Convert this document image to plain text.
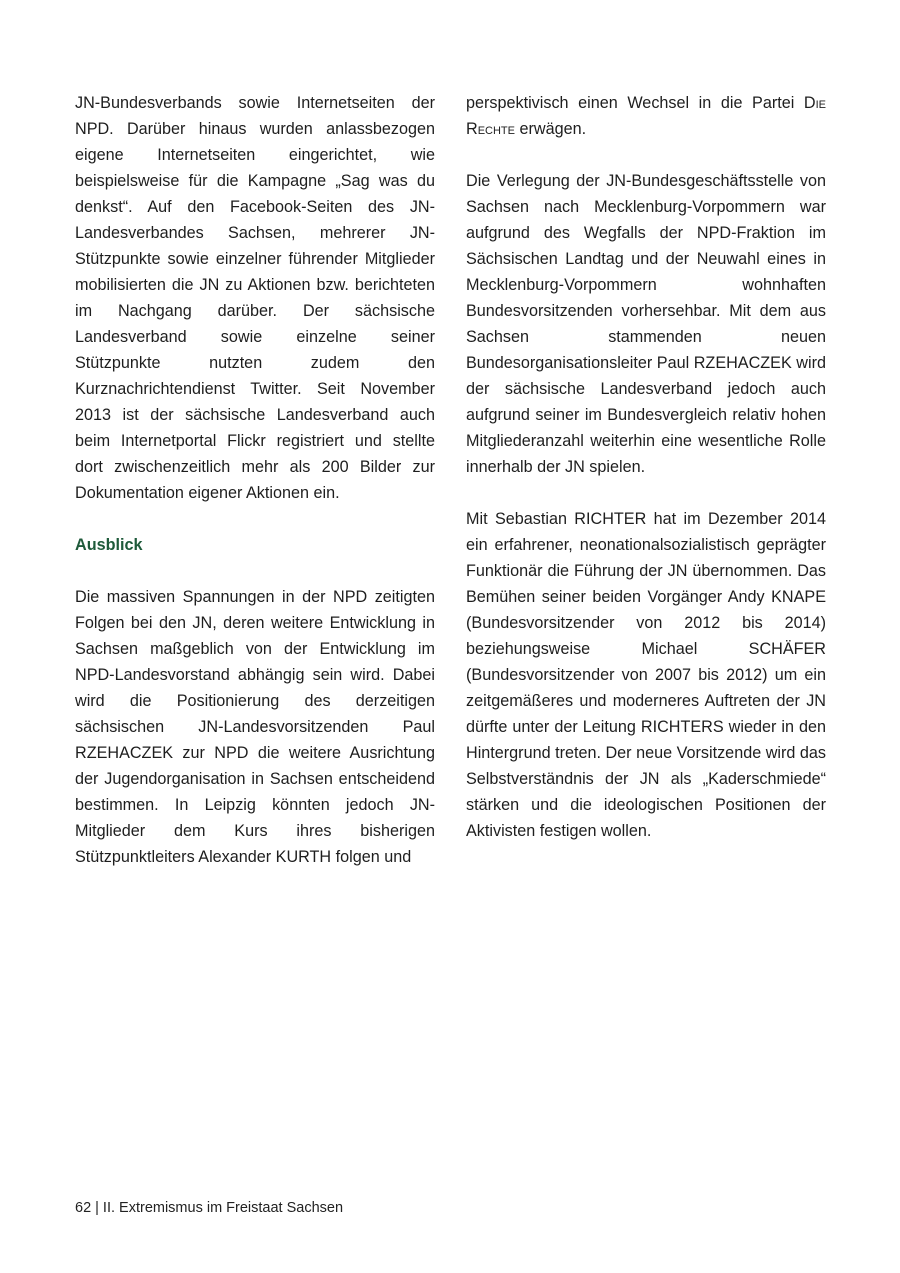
JN-Bundesverbands sowie Internetseiten der NPD. Darüber hinaus wurden anlassbezogen eigene Internetseiten eingerichtet, wie beispielsweise für die Kampagne „Sag was du denkst“. Auf den Facebook-Seiten des JN-Landesverbandes Sachsen, mehrerer JN-Stützpunkte sowie einzelner führender Mitglieder mobilisierten die JN zu Aktionen bzw. berichteten im Nachgang darüber. Der sächsische Landesverband sowie einzelne seiner Stützpunkte nutzten zudem den Kurznachrichtendienst Twitter. Seit November 2013 ist der sächsische Landesverband auch beim Internetportal Flickr registriert und stellte dort zwischenzeitlich mehr als 200 Bilder zur Dokumentation eigener Aktionen ein.

Ausblick

Die massiven Spannungen in der NPD zeitigten Folgen bei den JN, deren weitere Entwicklung in Sachsen maßgeblich von der Entwicklung im NPD-Landesvorstand abhängig sein wird. Dabei wird die Positionierung des derzeitigen sächsischen JN-Landesvorsitzenden Paul RZEHACZEK zur NPD die weitere Ausrichtung der Jugendorganisation in Sachsen entscheidend bestimmen. In Leipzig könnten jedoch JN-Mitglieder dem Kurs ihres bisherigen Stützpunktleiters Alexander KURTH folgen und

perspektivisch einen Wechsel in die Partei Die Rechte erwägen.

Die Verlegung der JN-Bundesgeschäftsstelle von Sachsen nach Mecklenburg-Vorpommern war aufgrund des Wegfalls der NPD-Fraktion im Sächsischen Landtag und der Neuwahl eines in Mecklenburg-Vorpommern wohnhaften Bundesvorsitzenden vorhersehbar. Mit dem aus Sachsen stammenden neuen Bundesorganisationsleiter Paul RZEHACZEK wird der sächsische Landesverband jedoch auch aufgrund seiner im Bundesvergleich relativ hohen Mitgliederanzahl weiterhin eine wesentliche Rolle innerhalb der JN spielen.

Mit Sebastian RICHTER hat im Dezember 2014 ein erfahrener, neonationalsozialistisch geprägter Funktionär die Führung der JN übernommen. Das Bemühen seiner beiden Vorgänger Andy KNAPE (Bundesvorsitzender von 2012 bis 2014) beziehungsweise Michael SCHÄFER (Bundesvorsitzender von 2007 bis 2012) um ein zeitgemäßeres und moderneres Auftreten der JN dürfte unter der Leitung RICHTERS wieder in den Hintergrund treten. Der neue Vorsitzende wird das Selbstverständnis der JN als „Kaderschmiede“ stärken und die ideologischen Positionen der Aktivisten festigen wollen.

62 | II. Extremismus im Freistaat Sachsen
